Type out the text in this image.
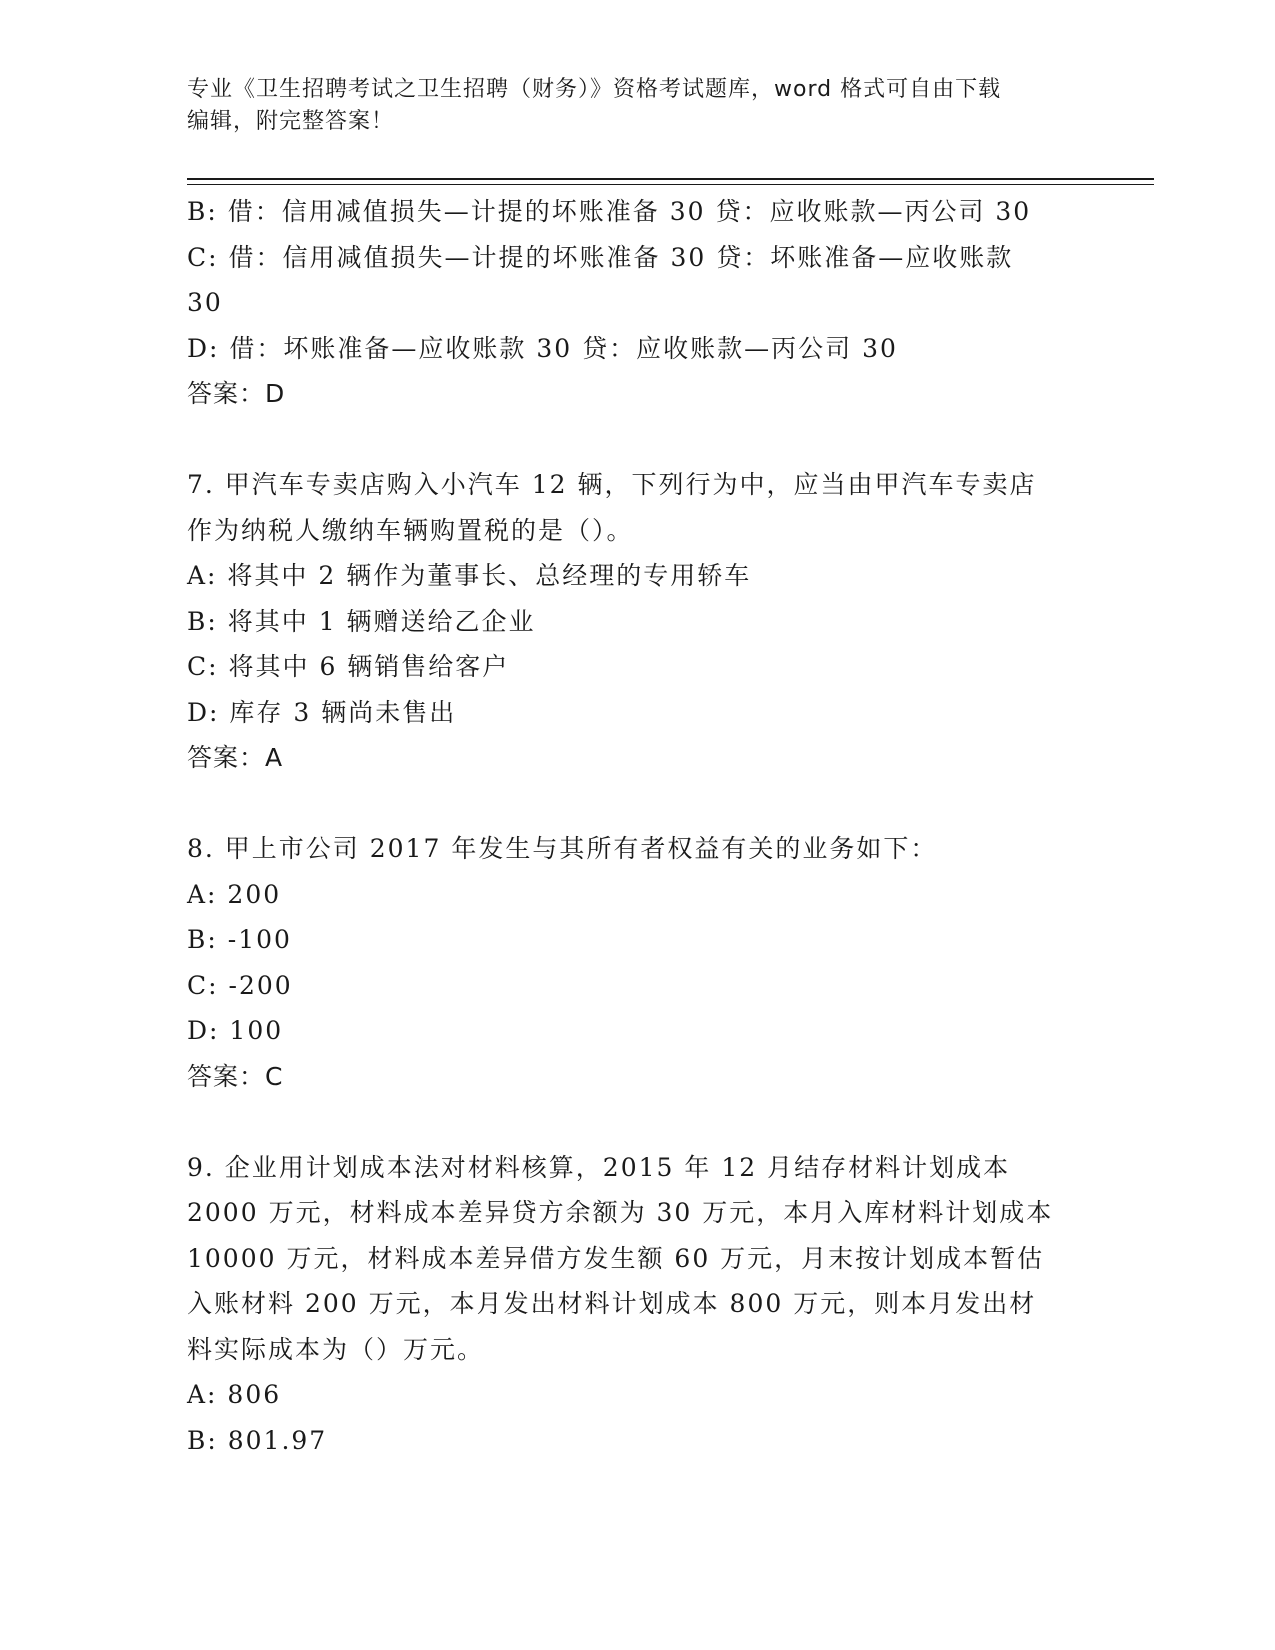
专业《卫生招聘考试之卫生招聘（财务）》资格考试题库，word 格式可自由下载
编辑，附完整答案！
B: 借：信用减值损失—计提的坏账准备 30 贷：应收账款—丙公司 30
C: 借：信用减值损失—计提的坏账准备 30 贷：坏账准备—应收账款
30
D: 借：坏账准备—应收账款 30 贷：应收账款—丙公司 30
答案：D
7. 甲汽车专卖店购入小汽车 12 辆，下列行为中，应当由甲汽车专卖店
作为纳税人缴纳车辆购置税的是（）。
A: 将其中 2 辆作为董事长、总经理的专用轿车
B: 将其中 1 辆赠送给乙企业
C: 将其中 6 辆销售给客户
D: 库存 3 辆尚未售出
答案：A
8. 甲上市公司 2017 年发生与其所有者权益有关的业务如下：
A: 200
B: -100
C: -200
D: 100
答案：C
9. 企业用计划成本法对材料核算，2015 年 12 月结存材料计划成本
2000 万元，材料成本差异贷方余额为 30 万元，本月入库材料计划成本
10000 万元，材料成本差异借方发生额 60 万元，月末按计划成本暂估
入账材料 200 万元，本月发出材料计划成本 800 万元，则本月发出材
料实际成本为（）万元。
A: 806
B: 801.97
